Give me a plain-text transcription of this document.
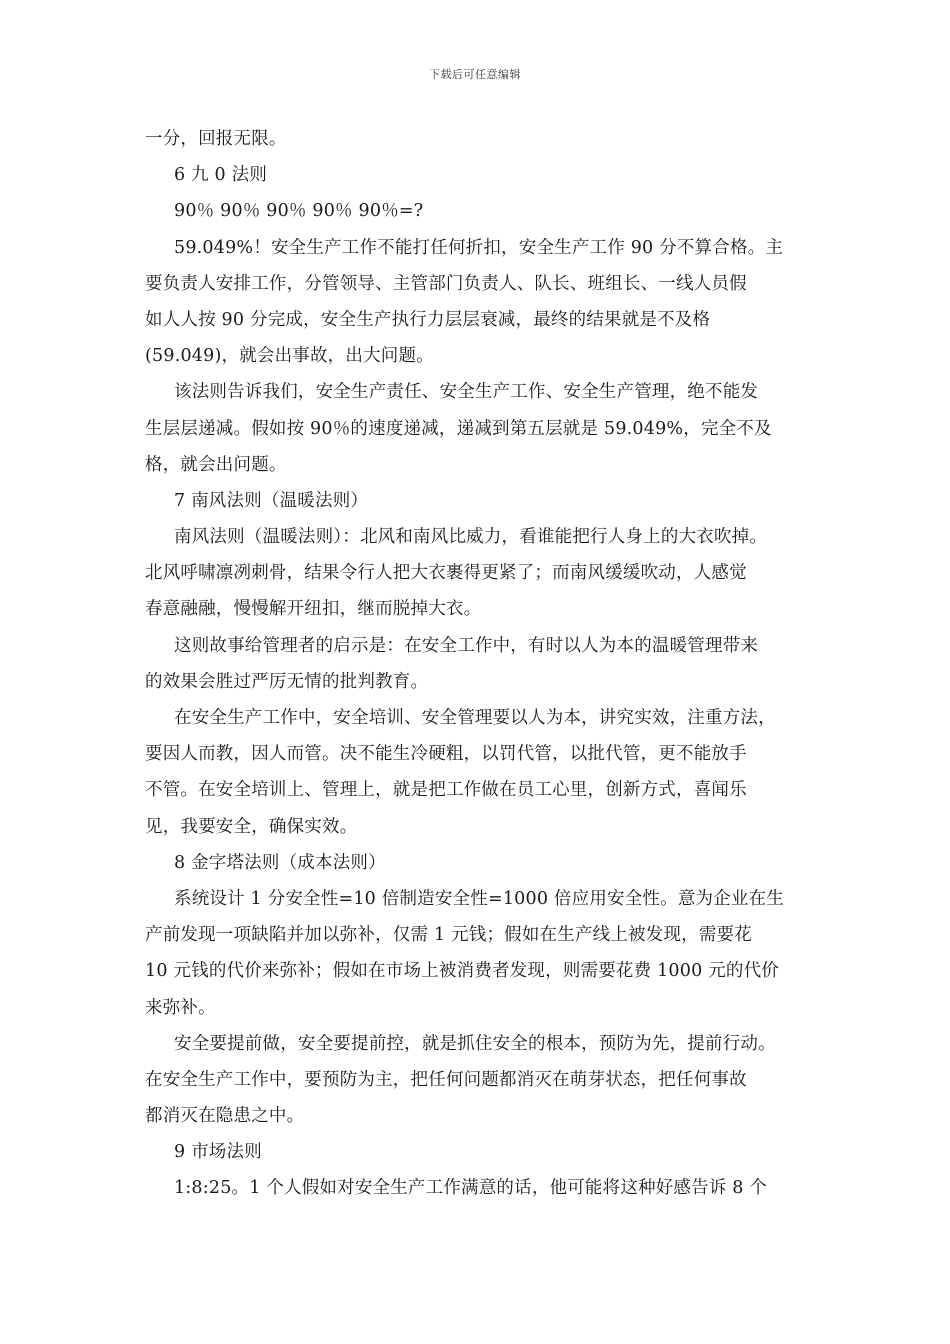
下载后可任意编辑
一分，回报无限。
6 九 0 法则
90％ 90％ 90％ 90％ 90％=?
59.049%！安全生产工作不能打任何折扣，安全生产工作 90 分不算合格。主
要负责人安排工作，分管领导、主管部门负责人、队长、班组长、一线人员假
如人人按 90 分完成，安全生产执行力层层衰减，最终的结果就是不及格
(59.049)，就会出事故，出大问题。
该法则告诉我们，安全生产责任、安全生产工作、安全生产管理，绝不能发
生层层递减。假如按 90％的速度递减，递减到第五层就是 59.049%，完全不及
格，就会出问题。
7 南风法则（温暖法则）
南风法则（温暖法则）：北风和南风比威力，看谁能把行人身上的大衣吹掉。
北风呼啸凛冽刺骨，结果令行人把大衣裹得更紧了；而南风缓缓吹动，人感觉
春意融融，慢慢解开纽扣，继而脱掉大衣。
这则故事给管理者的启示是：在安全工作中，有时以人为本的温暖管理带来
的效果会胜过严厉无情的批判教育。
在安全生产工作中，安全培训、安全管理要以人为本，讲究实效，注重方法，
要因人而教，因人而管。决不能生冷硬粗，以罚代管，以批代管，更不能放手
不管。在安全培训上、管理上，就是把工作做在员工心里，创新方式，喜闻乐
见，我要安全，确保实效。
8 金字塔法则（成本法则）
系统设计 1 分安全性=10 倍制造安全性=1000 倍应用安全性。意为企业在生
产前发现一项缺陷并加以弥补，仅需 1 元钱；假如在生产线上被发现，需要花
10 元钱的代价来弥补；假如在市场上被消费者发现，则需要花费 1000 元的代价
来弥补。
安全要提前做，安全要提前控，就是抓住安全的根本，预防为先，提前行动。
在安全生产工作中，要预防为主，把任何问题都消灭在萌芽状态，把任何事故
都消灭在隐患之中。
9 市场法则
1:8:25。1 个人假如对安全生产工作满意的话，他可能将这种好感告诉 8 个
